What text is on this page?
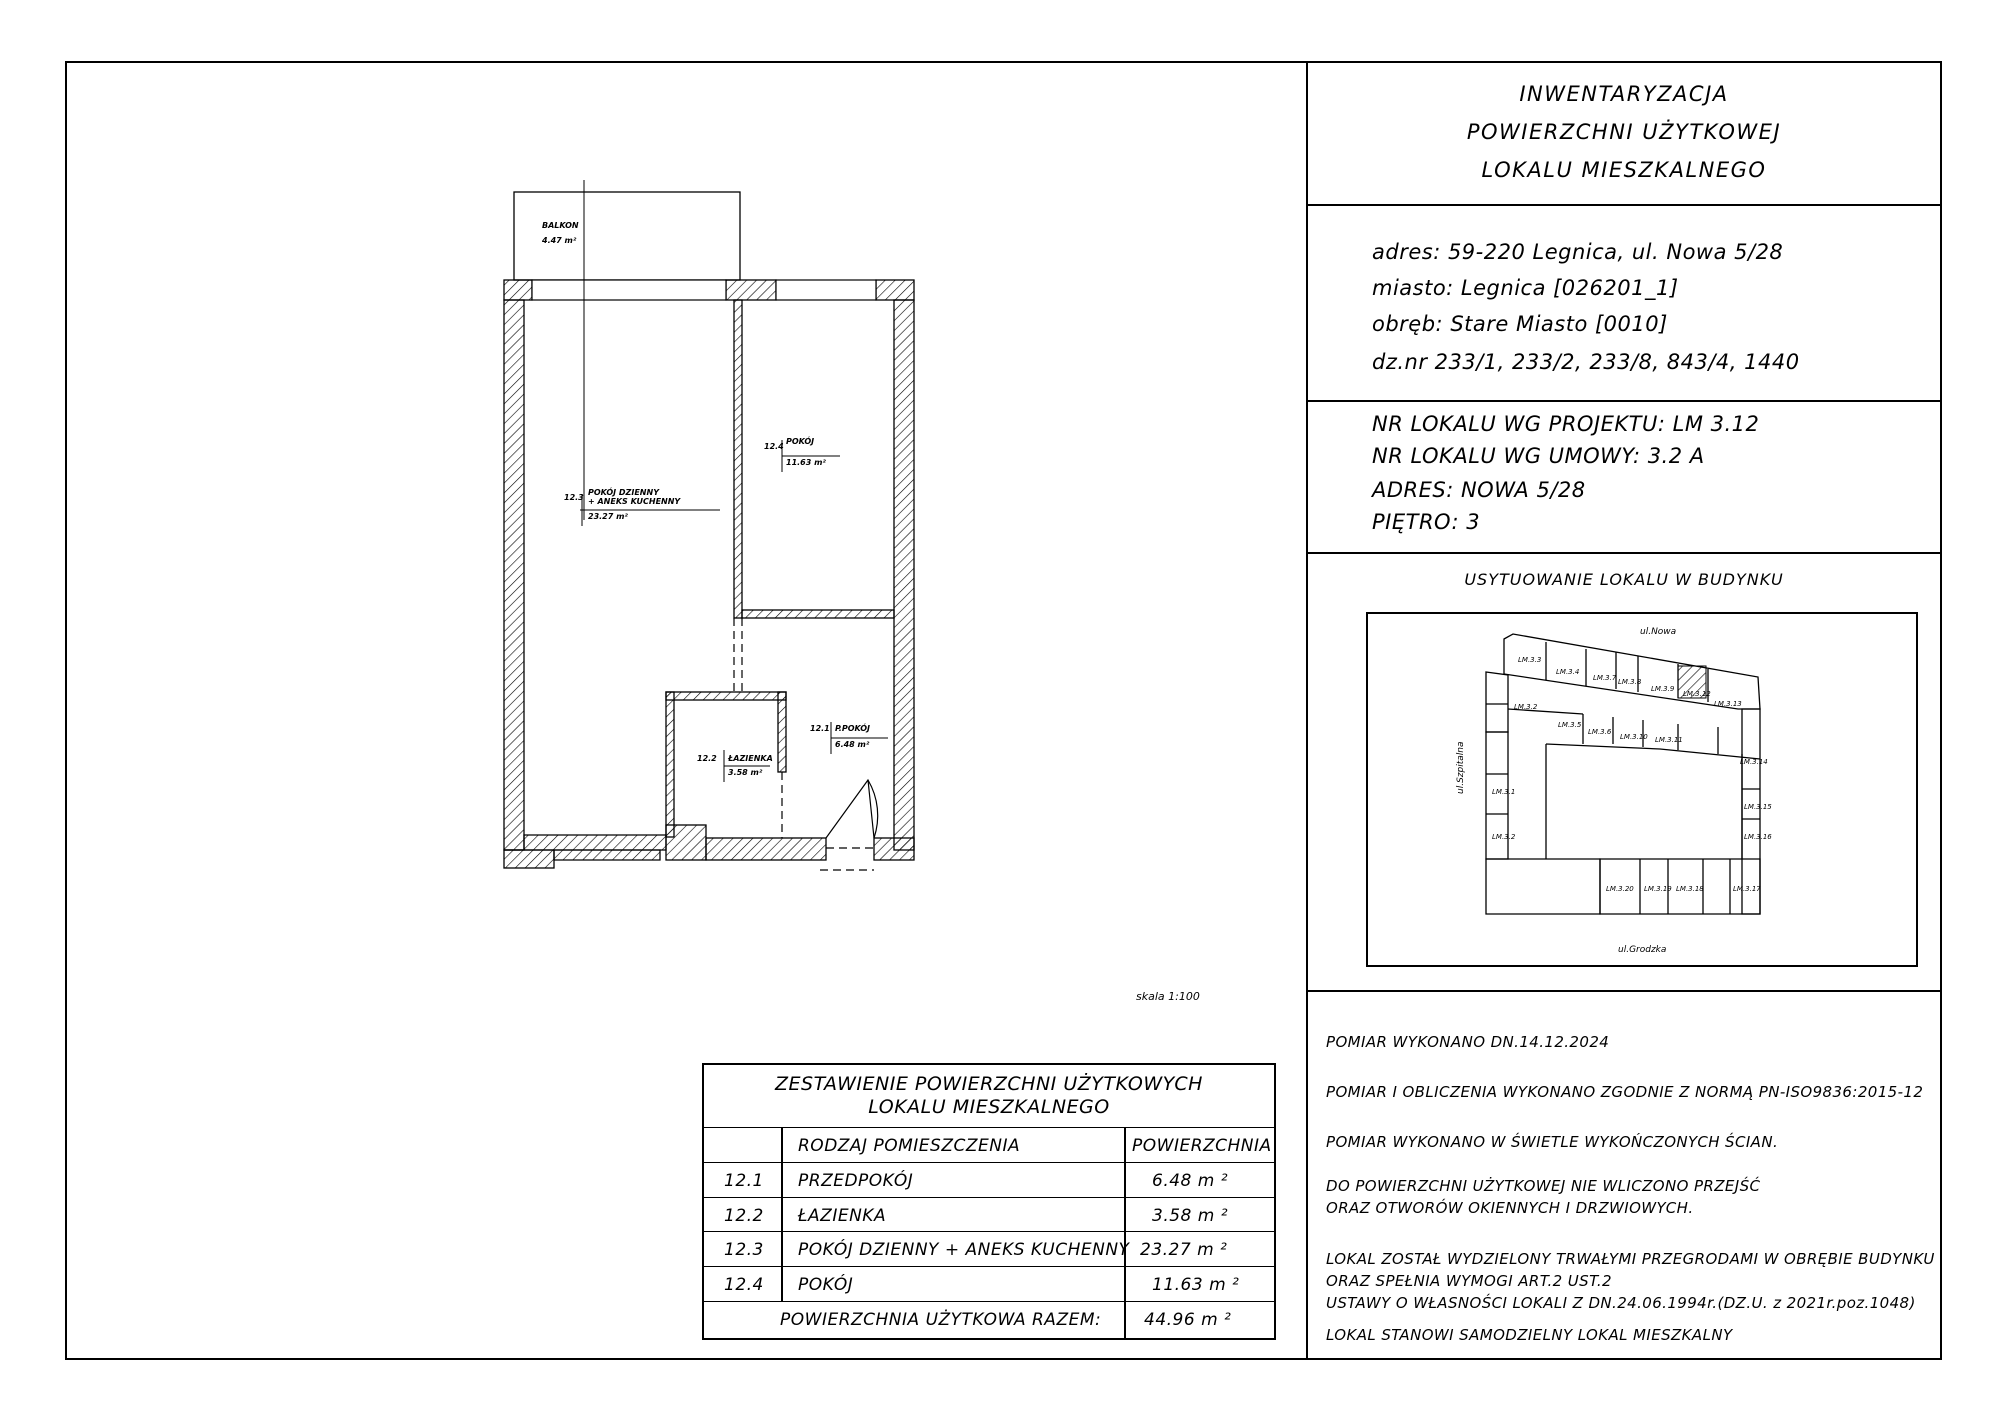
INWENTARYZACJA
POWIERZCHNI UŻYTKOWEJ
LOKALU MIESZKALNEGO
adres: 59-220 Legnica, ul. Nowa 5/28
miasto: Legnica [026201_1]
obręb: Stare Miasto [0010]
dz.nr 233/1, 233/2, 233/8, 843/4, 1440
NR LOKALU WG PROJEKTU: LM 3.12
NR LOKALU WG UMOWY: 3.2 A
ADRES: NOWA 5/28
PIĘTRO: 3
USYTUOWANIE LOKALU W BUDYNKU
ul.Nowa
ul.Grodzka
ul.Szpitalna
LM.3.3
LM.3.4
LM.3.7 LM.3.8
LM.3.9
LM.3.12
LM.3.13
LM.3.2
LM.3.5
LM.3.6
LM.3.10 LM.3.11
LM.3.14
LM.3.1
LM.3.15
LM.3.2	LM.3.16
LM.3.20 LM.3.19 LM.3.18	LM.3.17
POMIAR WYKONANO DN.14.12.2024
POMIAR I OBLICZENIA WYKONANO ZGODNIE Z NORMĄ PN-ISO9836:2015-12
POMIAR WYKONANO W ŚWIETLE WYKOŃCZONYCH ŚCIAN.
DO POWIERZCHNI UŻYTKOWEJ NIE WLICZONO PRZEJŚĆ
ORAZ OTWORÓW OKIENNYCH I DRZWIOWYCH.
LOKAL ZOSTAŁ WYDZIELONY TRWAŁYMI PRZEGRODAMI W OBRĘBIE BUDYNKU
ORAZ SPEŁNIA WYMOGI ART.2 UST.2
USTAWY O WŁASNOŚCI LOKALI Z DN.24.06.1994r.(DZ.U. z 2021r.poz.1048)
LOKAL STANOWI SAMODZIELNY LOKAL MIESZKALNY
BALKON
4.47 m²
12.3
POKÓJ DZIENNY
+ ANEKS KUCHENNY
23.27 m²
12.4
POKÓJ
11.63 m²
12.2 ŁAZIENKA
3.58 m²
12.1 P.POKÓJ
6.48 m²
skala 1:100
ZESTAWIENIE POWIERZCHNI UŻYTKOWYCH
LOKALU MIESZKALNEGO
RODZAJ POMIESZCZENIA	POWIERZCHNIA
12.1 PRZEDPOKÓJ	6.48 m ²
12.2 ŁAZIENKA	3.58 m ²
12.3 POKÓJ DZIENNY + ANEKS KUCHENNY 23.27 m ²
12.4 POKÓJ	11.63 m ²
POWIERZCHNIA UŻYTKOWA RAZEM:	44.96 m ²
